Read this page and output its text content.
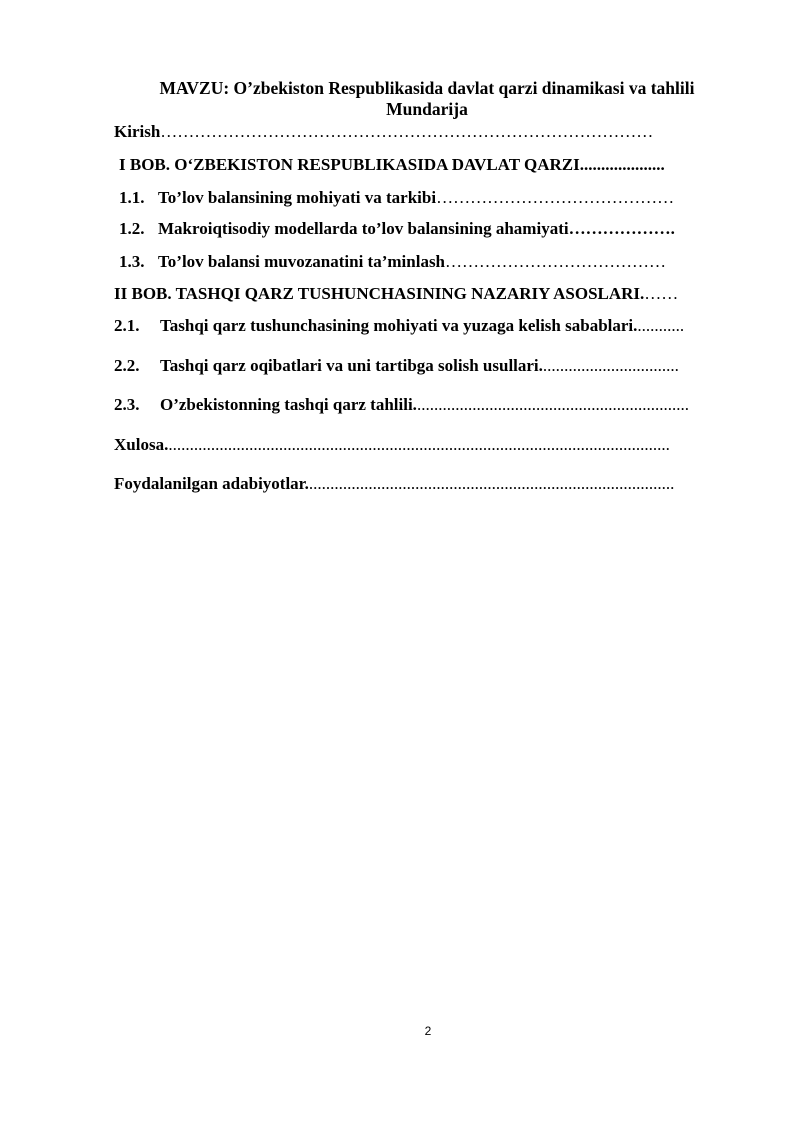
MAVZU: O’zbekiston Respublikasida davlat qarzi dinamikasi va tahlili
Mundarija
Kirish……………………………………………………………………………
I BOB. O‘ZBEKISTON RESPUBLIKASIDA DAVLAT QARZI....................
1.1. To’lov balansining mohiyati va tarkibi……………………………………
1.2. Makroiqtisodiy modellarda to’lov balansining ahamiyati……………….
1.3. To’lov balansi muvozanatini ta’minlash…………………………………
II BOB. TASHQI QARZ TUSHUNCHASINING NAZARIY ASOSLARI.……
2.1. Tashqi qarz tushunchasining mohiyati va yuzaga kelish sabablari............
2.2. Tashqi qarz oqibatlari va uni tartibga solish usullari.................................
2.3. O’zbekistonning tashqi qarz tahlili.................................................................
Xulosa.......................................................................................................................
Foydalanilgan adabiyotlar.......................................................................................
2
